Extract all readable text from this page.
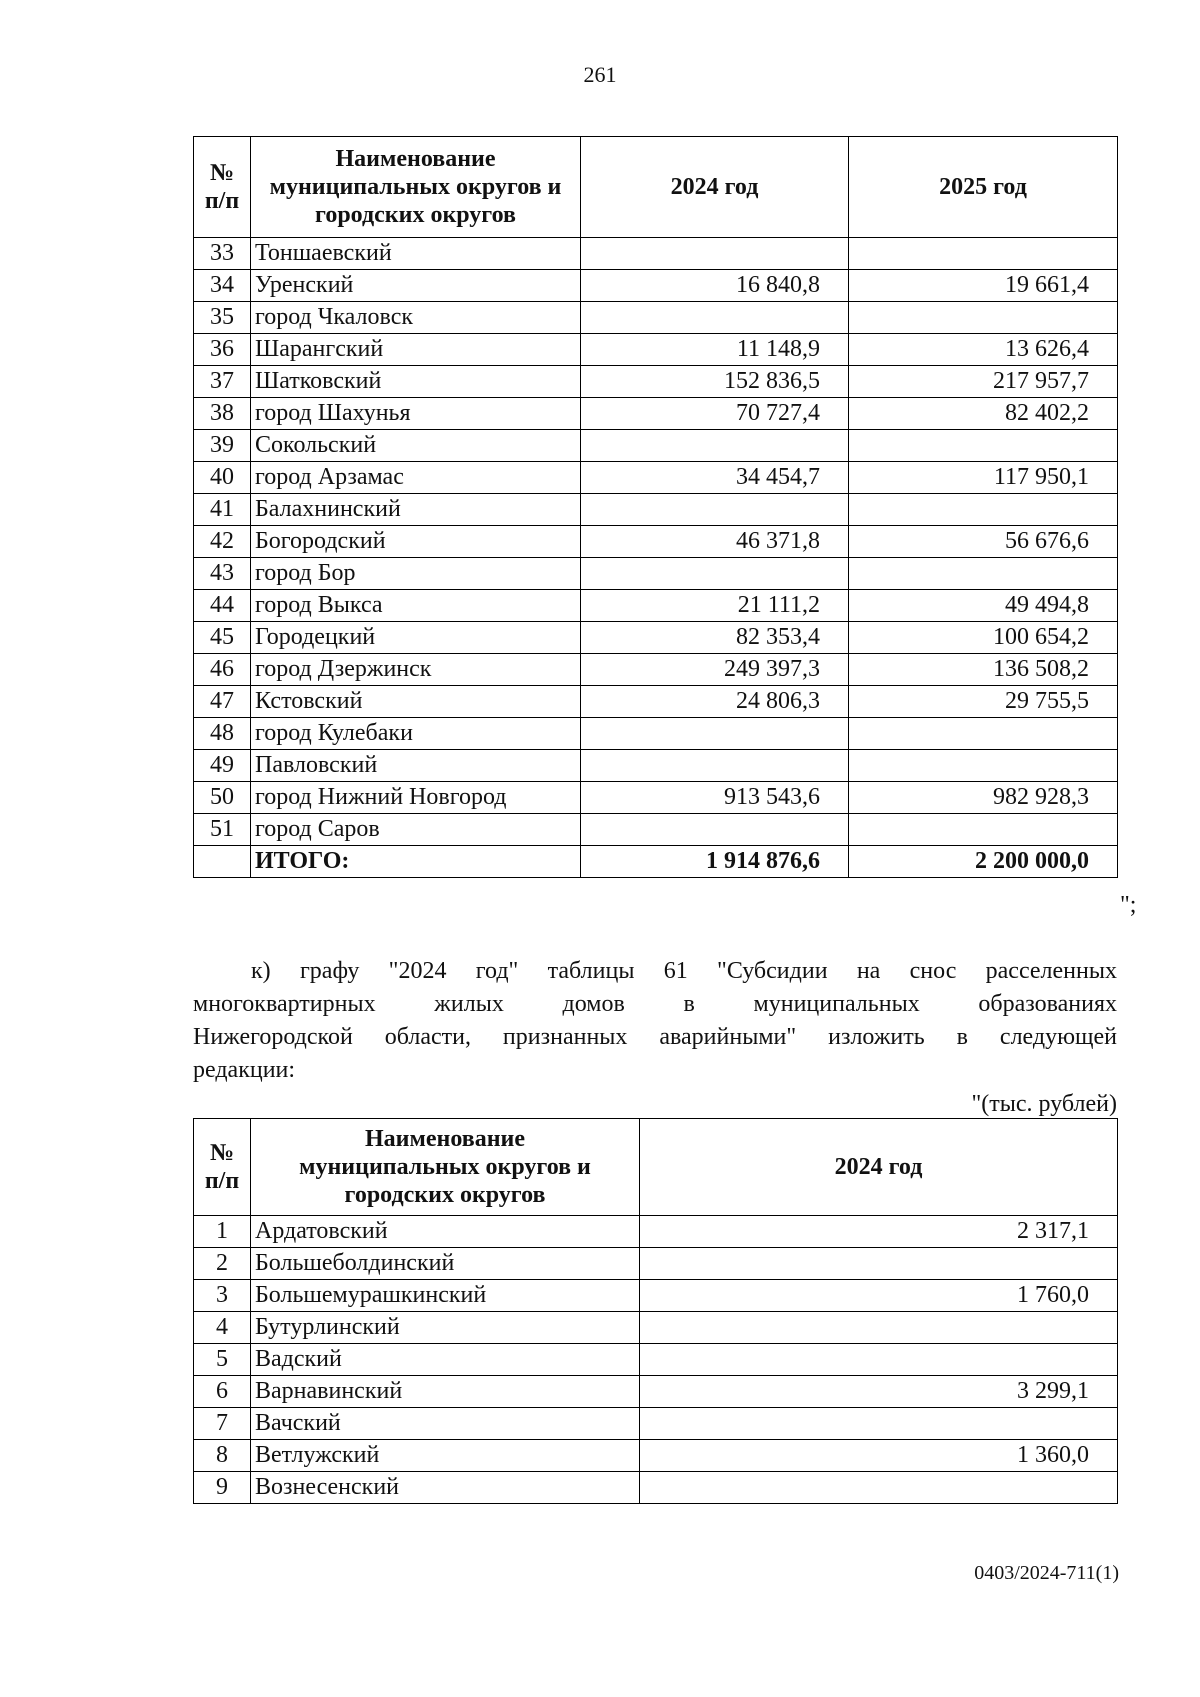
261
№ п/п	Наименование муниципальных округов и городских округов	2024 год	2025 год
33	Тоншаевский		
34	Уренский	16 840,8	19 661,4
35	город Чкаловск		
36	Шарангский	11 148,9	13 626,4
37	Шатковский	152 836,5	217 957,7
38	город Шахунья	70 727,4	82 402,2
39	Сокольский		
40	город Арзамас	34 454,7	117 950,1
41	Балахнинский		
42	Богородский	46 371,8	56 676,6
43	город Бор		
44	город Выкса	21 111,2	49 494,8
45	Городецкий	82 353,4	100 654,2
46	город Дзержинск	249 397,3	136 508,2
47	Кстовский	24 806,3	29 755,5
48	город Кулебаки		
49	Павловский		
50	город Нижний Новгород	913 543,6	982 928,3
51	город Саров		
	ИТОГО:	1 914 876,6	2 200 000,0
";
к) графу "2024 год" таблицы 61 "Субсидии на снос расселенных
многоквартирных жилых домов в муниципальных образованиях
Нижегородской области, признанных аварийными" изложить в следующей
редакции:
"(тыс. рублей)
№ п/п	Наименование муниципальных округов и городских округов	2024 год
1	Ардатовский	2 317,1
2	Большеболдинский	
3	Большемурашкинский	1 760,0
4	Бутурлинский	
5	Вадский	
6	Варнавинский	3 299,1
7	Вачский	
8	Ветлужский	1 360,0
9	Вознесенский	
0403/2024-711(1)
